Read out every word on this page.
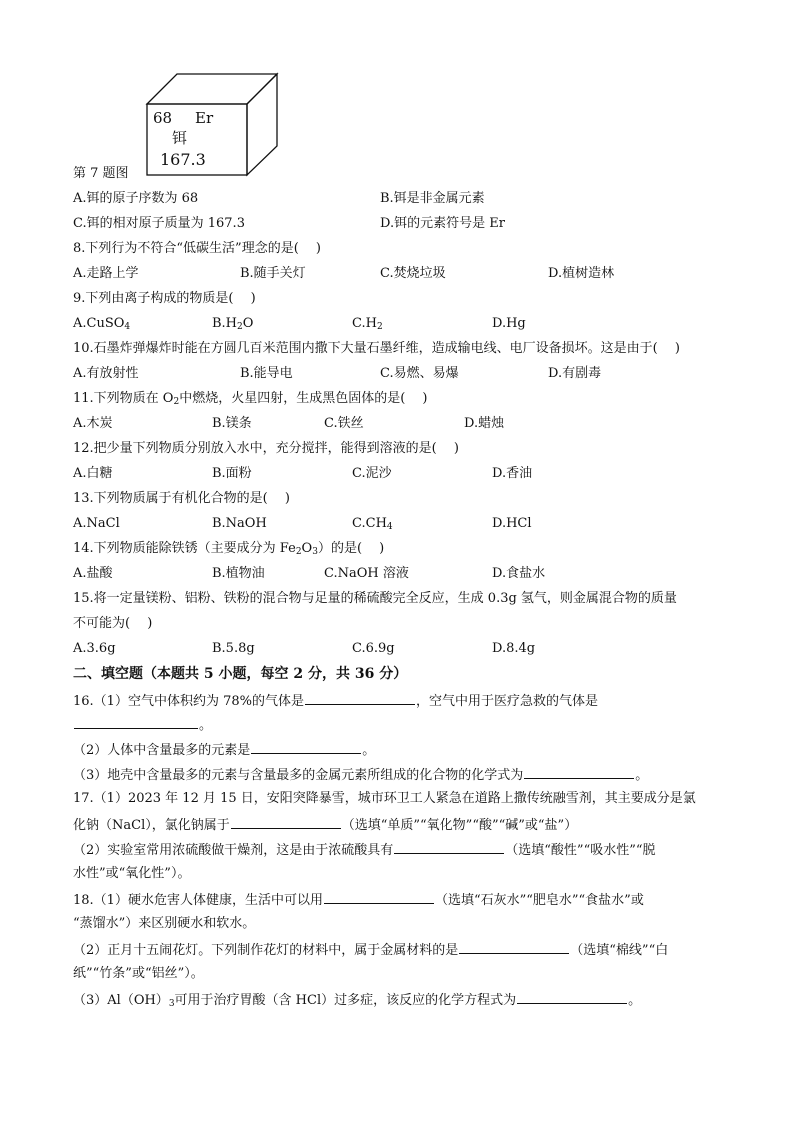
68 Er
铒
167.3
第 7 题图
A.铒的原子序数为 68	B.铒是非金属元素
C.铒的相对原子质量为 167.3	D.铒的元素符号是 Er
8.下列行为不符合“低碳生活”理念的是(　 )
A.走路上学	B.随手关灯	C.焚烧垃圾	D.植树造林
9.下列由离子构成的物质是(　 )
A.CuSO$_4$	$B.H_2O$	$C.H_2$	D.Hg
10.石墨炸弹爆炸时能在方圆几百米范围内撒下大量石墨纤维，造成输电线、电厂设备损坏。这是由于(　 )
A.有放射性	B.能导电	C.易燃、易爆	D.有剧毒
11.下列物质在 $O_2$中燃烧，火星四射，生成黑色固体的是(　 )
A.木炭	B.镁条	C.铁丝	D.蜡烛
12.把少量下列物质分别放入水中，充分搅拌，能得到溶液的是(　 )
A.白糖	B.面粉	C.泥沙	D.香油
13.下列物质属于有机化合物的是(　 )
A.NaCl	B.NaOH	$C.CH_4$	D.HCl
14.下列物质能除铁锈（主要成分为 $Fe_2O_3$）的是(　 )
A.盐酸	B.植物油	C.NaOH 溶液	D.食盐水
15.将一定量镁粉、铝粉、铁粉的混合物与足量的稀硫酸完全反应，生成 0.3g 氢气，则金属混合物的质量
不可能为(　 )
A.3.6g	B.5.8g	C.6.9g	D.8.4g
二、填空题（本题共 5 小题，每空 2 分，共 36 分）
16.（1）空气中体积约为 78%的气体是	，空气中用于医疗急救的气体是
。
（2）人体中含量最多的元素是	。
（3）地壳中含量最多的元素与含量最多的金属元素所组成的化合物的化学式为	。
17.（1）2023 年 12 月 15 日，安阳突降暴雪，城市环卫工人紧急在道路上撒传统融雪剂，其主要成分是氯
化钠（NaCl），氯化钠属于	（选填“单质”“氧化物”“酸”“碱”或“盐”）
（2）实验室常用浓硫酸做干燥剂，这是由于浓硫酸具有	（选填“酸性”“吸水性”“脱
水性”或“氧化性”）。
18.（1）硬水危害人体健康，生活中可以用	（选填“石灰水”“肥皂水”“食盐水”或
“蒸馏水”）来区别硬水和软水。
（2）正月十五闹花灯。下列制作花灯的材料中，属于金属材料的是	（选填“棉线”“白
纸”“竹条”或“铝丝”）。
$(3)Al(OH)_3$可用于治疗胃酸（含 HCl）过多症，该反应的化学方程式为	。
